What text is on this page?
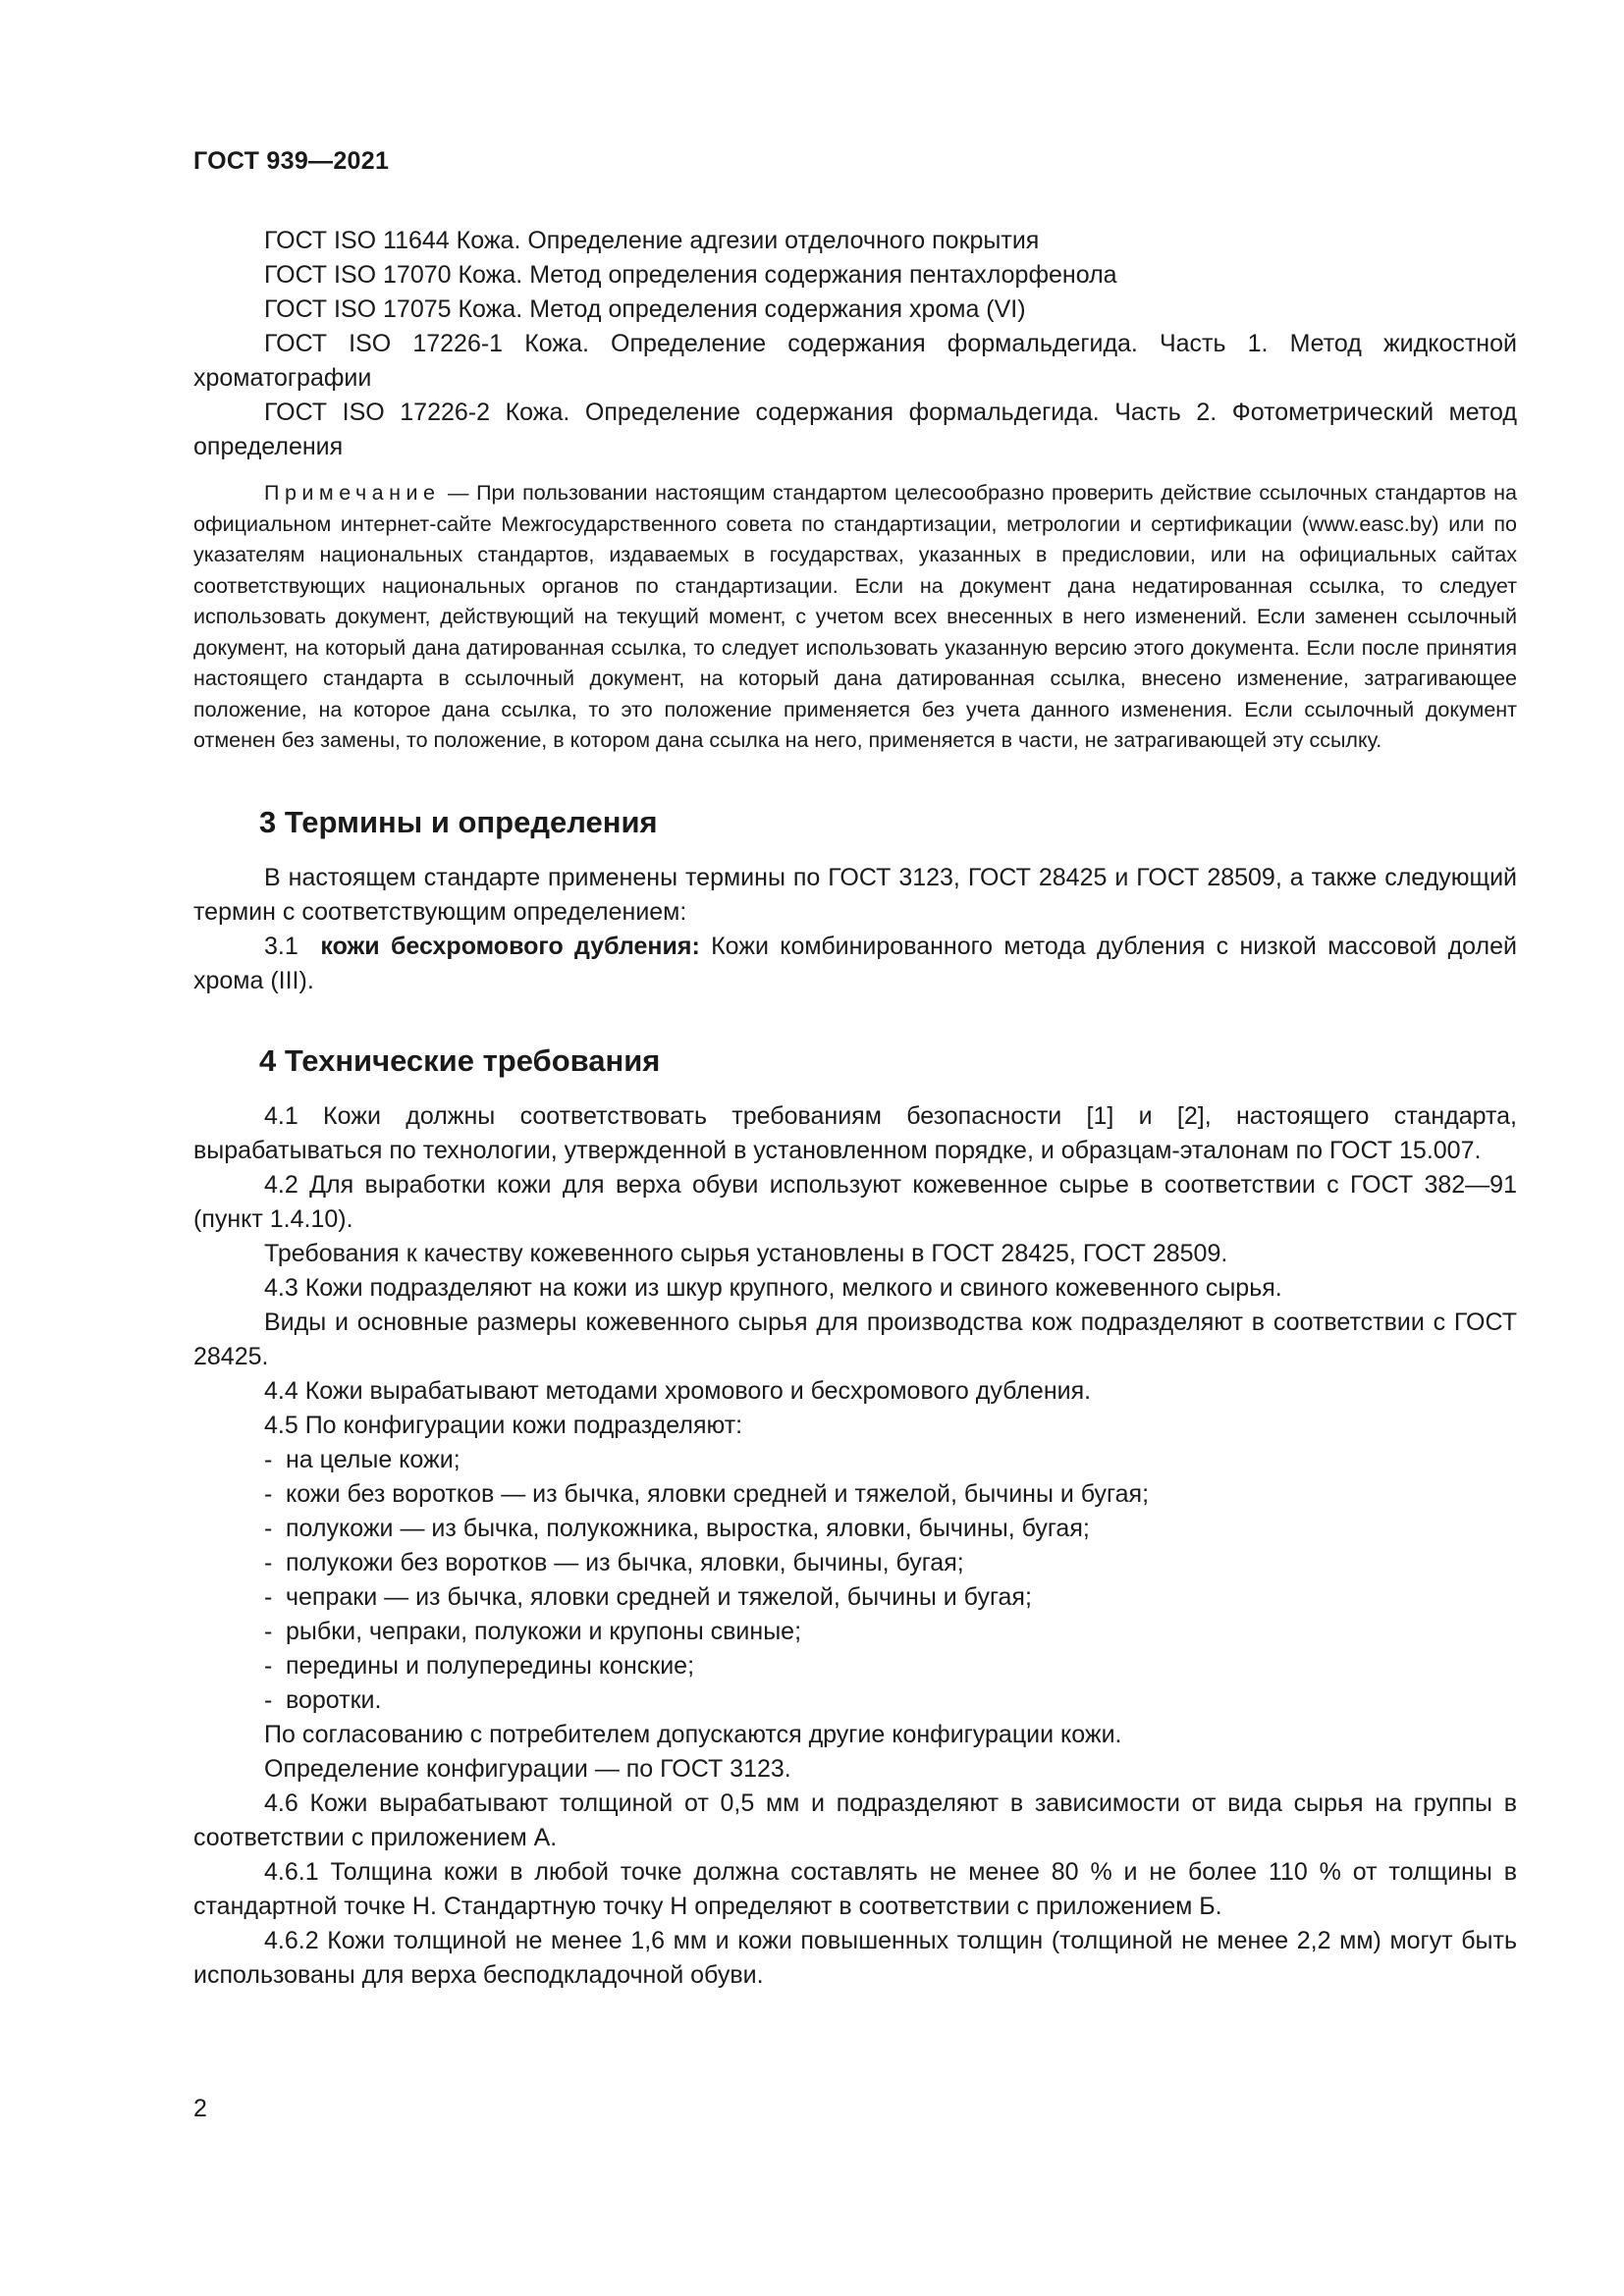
ГОСТ 939—2021

ГОСТ ISO 11644 Кожа. Определение адгезии отделочного покрытия

ГОСТ ISO 17070 Кожа. Метод определения содержания пентахлорфенола

ГОСТ ISO 17075 Кожа. Метод определения содержания хрома (VI)

ГОСТ ISO 17226-1 Кожа. Определение содержания формальдегида. Часть 1. Метод жидкостной хроматографии

ГОСТ ISO 17226-2 Кожа. Определение содержания формальдегида. Часть 2. Фотометрический метод определения

Примечание — При пользовании настоящим стандартом целесообразно проверить действие ссылочных стандартов на официальном интернет-сайте Межгосударственного совета по стандартизации, метрологии и сертификации (www.easc.by) или по указателям национальных стандартов, издаваемых в государствах, указанных в предисловии, или на официальных сайтах соответствующих национальных органов по стандартизации. Если на документ дана недатированная ссылка, то следует использовать документ, действующий на текущий момент, с учетом всех внесенных в него изменений. Если заменен ссылочный документ, на который дана датированная ссылка, то следует использовать указанную версию этого документа. Если после принятия настоящего стандарта в ссылочный документ, на который дана датированная ссылка, внесено изменение, затрагивающее положение, на которое дана ссылка, то это положение применяется без учета данного изменения. Если ссылочный документ отменен без замены, то положение, в котором дана ссылка на него, применяется в части, не затрагивающей эту ссылку.

3 Термины и определения

В настоящем стандарте применены термины по ГОСТ 3123, ГОСТ 28425 и ГОСТ 28509, а также следующий термин с соответствующим определением:

3.1 кожи бесхромового дубления: Кожи комбинированного метода дубления с низкой массовой долей хрома (III).

4 Технические требования

4.1 Кожи должны соответствовать требованиям безопасности [1] и [2], настоящего стандарта, вырабатываться по технологии, утвержденной в установленном порядке, и образцам-эталонам по ГОСТ 15.007.

4.2 Для выработки кожи для верха обуви используют кожевенное сырье в соответствии с ГОСТ 382—91 (пункт 1.4.10).

Требования к качеству кожевенного сырья установлены в ГОСТ 28425, ГОСТ 28509.

4.3 Кожи подразделяют на кожи из шкур крупного, мелкого и свиного кожевенного сырья.

Виды и основные размеры кожевенного сырья для производства кож подразделяют в соответствии с ГОСТ 28425.

4.4 Кожи вырабатывают методами хромового и бесхромового дубления.

4.5 По конфигурации кожи подразделяют:

- на целые кожи;

- кожи без воротков — из бычка, яловки средней и тяжелой, бычины и бугая;

- полукожи — из бычка, полукожника, выростка, яловки, бычины, бугая;

- полукожи без воротков — из бычка, яловки, бычины, бугая;

- чепраки — из бычка, яловки средней и тяжелой, бычины и бугая;

- рыбки, чепраки, полукожи и крупоны свиные;

- передины и полупередины конские;

- воротки.

По согласованию с потребителем допускаются другие конфигурации кожи.

Определение конфигурации — по ГОСТ 3123.

4.6 Кожи вырабатывают толщиной от 0,5 мм и подразделяют в зависимости от вида сырья на группы в соответствии с приложением А.

4.6.1 Толщина кожи в любой точке должна составлять не менее 80 % и не более 110 % от толщины в стандартной точке Н. Стандартную точку Н определяют в соответствии с приложением Б.

4.6.2 Кожи толщиной не менее 1,6 мм и кожи повышенных толщин (толщиной не менее 2,2 мм) могут быть использованы для верха бесподкладочной обуви.

2
